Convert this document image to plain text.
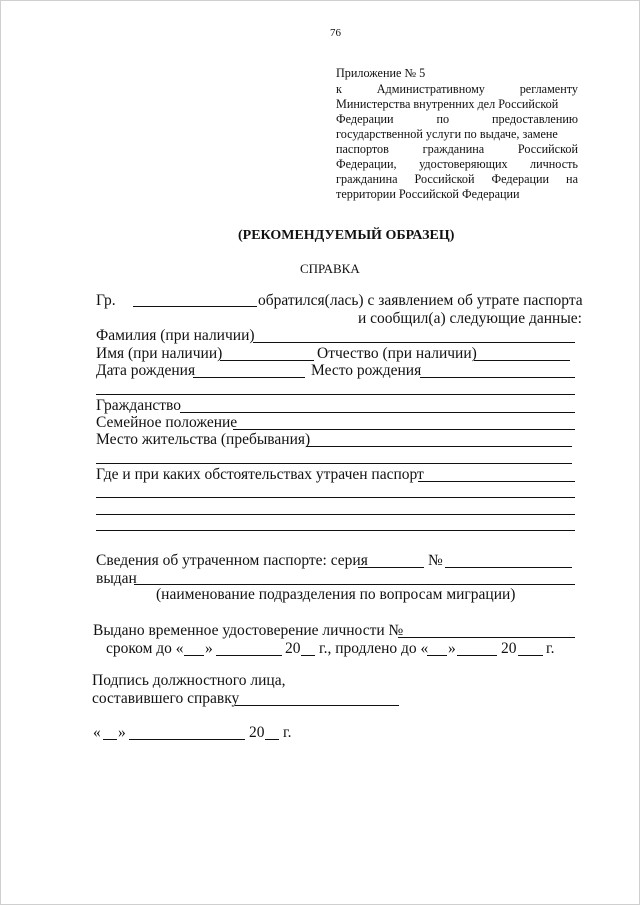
76
Приложение № 5
к	Административному	регламенту
Министерства внутренних дел Российской
Федерации	по	предоставлению
государственной услуги по выдаче, замене
паспортов	гражданина	Российской
Федерации, удостоверяющих личность
гражданина Российской Федерации на
территории Российской Федерации
(РЕКОМЕНДУЕМЫЙ ОБРАЗЕЦ)
СПРАВКА
Гр.	обратился(лась) с заявлением об утрате паспорта
и сообщил(а) следующие данные:
Фамилия (при наличии)
Имя (при наличии)	Отчество (при наличии)
Дата рождения	Место рождения
Гражданство
Семейное положение
Место жительства (пребывания)
Где и при каких обстоятельствах утрачен паспорт
Сведения об утраченном паспорте: серия	№
выдан
(наименование подразделения по вопросам миграции)
Выдано временное удостоверение личности №
сроком до « »	20 г., продлено до « »	20 г.
Подпись должностного лица,
составившего справку
« »	20 г.
